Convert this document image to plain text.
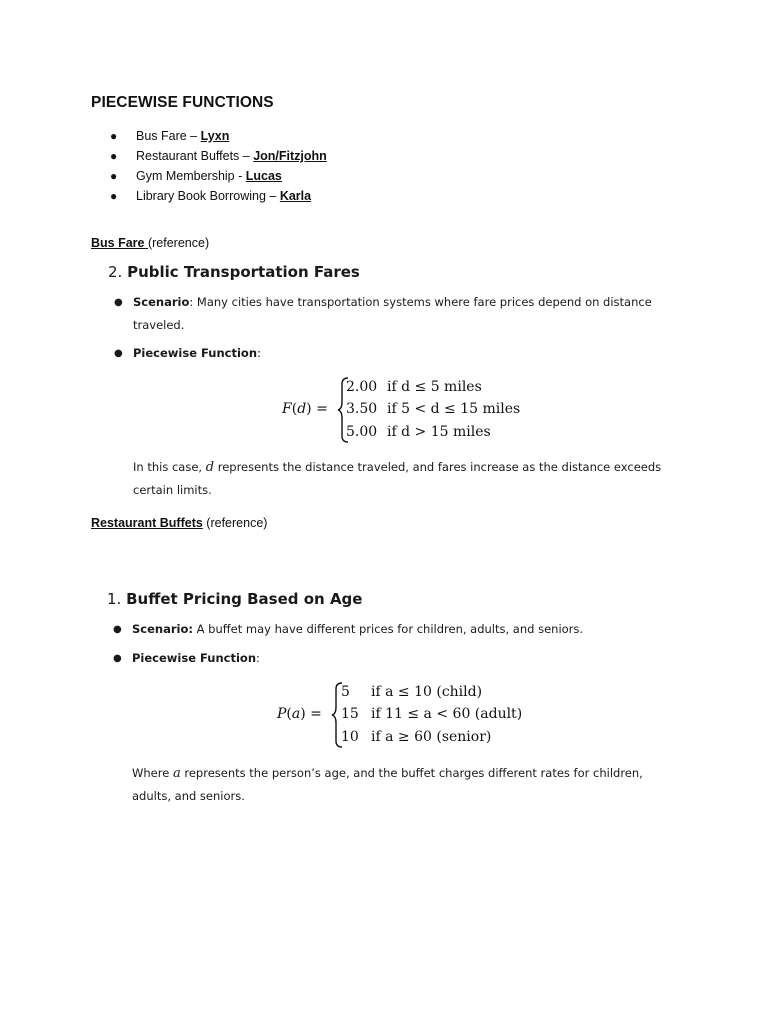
PIECEWISE FUNCTIONS
● Bus Fare – Lyxn
● Restaurant Buffets – Jon/Fitzjohn
● Gym Membership - Lucas
● Library Book Borrowing – Karla
Bus Fare (reference)
2. Public Transportation Fares
● Scenario: Many cities have transportation systems where fare prices depend on distance traveled.
● Piecewise Function:
F(d) =
2.00 if d ≤ 5 miles
3.50 if 5 < d ≤ 15 miles
5.00 if d > 15 miles
In this case, d represents the distance traveled, and fares increase as the distance exceeds certain limits.
Restaurant Buffets (reference)
1. Buffet Pricing Based on Age
● Scenario: A buffet may have different prices for children, adults, and seniors.
● Piecewise Function:
P(a) =
5 if a ≤ 10 (child)
15 if 11 ≤ a < 60 (adult)
10 if a ≥ 60 (senior)
Where a represents the person’s age, and the buffet charges different rates for children, adults, and seniors.
